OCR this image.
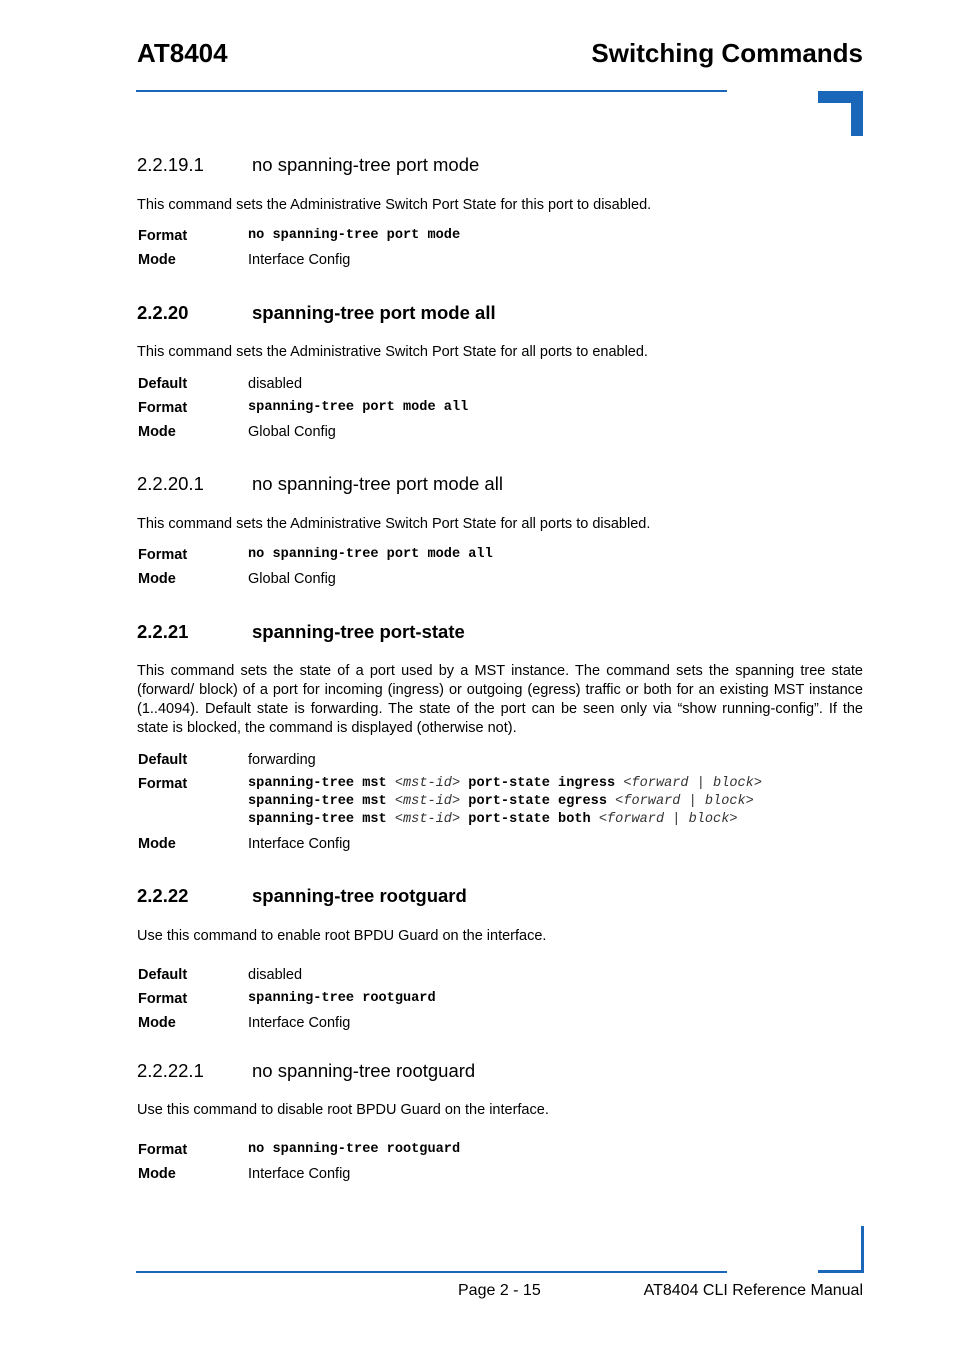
AT8404	Switching Commands
2.2.19.1	no spanning-tree port mode
This command sets the Administrative Switch Port State for this port to disabled.
Format	no spanning-tree port mode
Mode	Interface Config
2.2.20	spanning-tree port mode all
This command sets the Administrative Switch Port State for all ports to enabled.
Default	disabled
Format	spanning-tree port mode all
Mode	Global Config
2.2.20.1	no spanning-tree port mode all
This command sets the Administrative Switch Port State for all ports to disabled.
Format	no spanning-tree port mode all
Mode	Global Config
2.2.21	spanning-tree port-state
This command sets the state of a port used by a MST instance. The command sets the spanning tree state (forward/ block) of a port for incoming (ingress) or outgoing (egress) traffic or both for an existing MST instance (1..4094). Default state is forwarding. The state of the port can be seen only via “show running-config”. If the state is blocked, the command is displayed (otherwise not).
Default	forwarding
Format	spanning-tree mst <mst-id> port-state ingress <forward | block>
spanning-tree mst <mst-id> port-state egress <forward | block>
spanning-tree mst <mst-id> port-state both <forward | block>
Mode	Interface Config
2.2.22	spanning-tree rootguard
Use this command to enable root BPDU Guard on the interface.
Default	disabled
Format	spanning-tree rootguard
Mode	Interface Config
2.2.22.1	no spanning-tree rootguard
Use this command to disable root BPDU Guard on the interface.
Format	no spanning-tree rootguard
Mode	Interface Config
Page 2 - 15	AT8404 CLI Reference Manual
